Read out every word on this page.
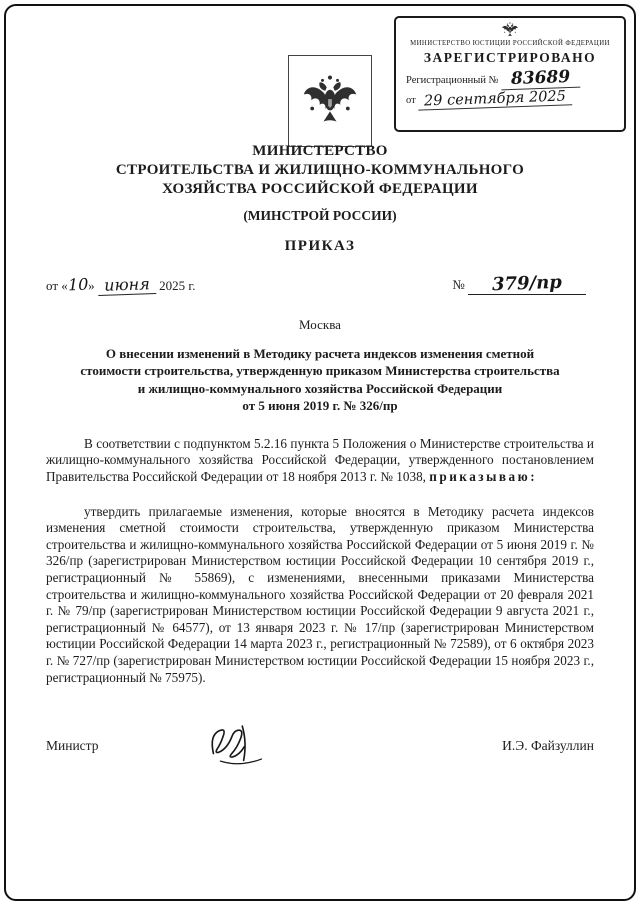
МИНИСТЕРСТВО ЮСТИЦИИ РОССИЙСКОЙ ФЕДЕРАЦИИ
ЗАРЕГИСТРИРОВАНО
Регистрационный № 83689
от 29 сентября 2025
МИНИСТЕРСТВО
СТРОИТЕЛЬСТВА И ЖИЛИЩНО-КОММУНАЛЬНОГО
ХОЗЯЙСТВА РОССИЙСКОЙ ФЕДЕРАЦИИ
(МИНСТРОЙ РОССИИ)
ПРИКАЗ
от «10» июня 2025 г.	№ 379/пр
Москва
О внесении изменений в Методику расчета индексов изменения сметной
стоимости строительства, утвержденную приказом Министерства строительства
и жилищно-коммунального хозяйства Российской Федерации
от 5 июня 2019 г. № 326/пр

В соответствии с подпунктом 5.2.16 пункта 5 Положения о Министерстве строительства и жилищно-коммунального хозяйства Российской Федерации, утвержденного постановлением Правительства Российской Федерации от 18 ноября 2013 г. № 1038, приказываю:

утвердить прилагаемые изменения, которые вносятся в Методику расчета индексов изменения сметной стоимости строительства, утвержденную приказом Министерства строительства и жилищно-коммунального хозяйства Российской Федерации от 5 июня 2019 г. № 326/пр (зарегистрирован Министерством юстиции Российской Федерации 10 сентября 2019 г., регистрационный № 55869), с изменениями, внесенными приказами Министерства строительства и жилищно-коммунального хозяйства Российской Федерации от 20 февраля 2021 г. № 79/пр (зарегистрирован Министерством юстиции Российской Федерации 9 августа 2021 г., регистрационный № 64577), от 13 января 2023 г. № 17/пр (зарегистрирован Министерством юстиции Российской Федерации 14 марта 2023 г., регистрационный № 72589), от 6 октября 2023 г. № 727/пр (зарегистрирован Министерством юстиции Российской Федерации 15 ноября 2023 г., регистрационный № 75975).

Министр	И.Э. Файзуллин
